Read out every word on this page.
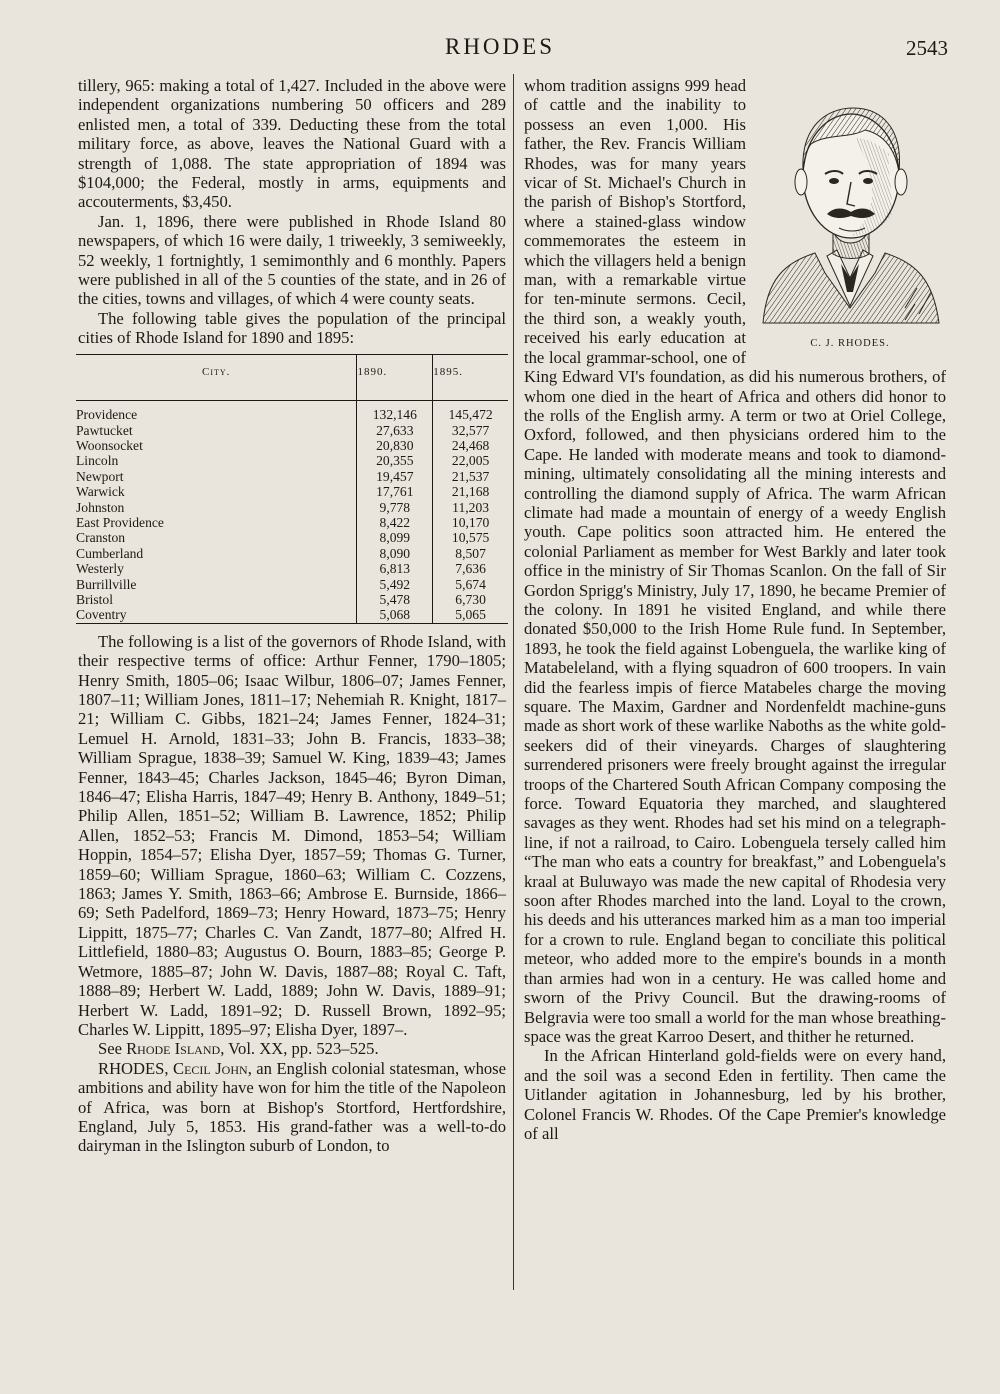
RHODES	2543

tillery, 965: making a total of 1,427. Included in the above were independent organizations numbering 50 officers and 289 enlisted men, a total of 339. Deducting these from the total military force, as above, leaves the National Guard with a strength of 1,088. The state appropriation of 1894 was $104,000; the Federal, mostly in arms, equipments and accouterments, $3,450.

Jan. 1, 1896, there were published in Rhode Island 80 newspapers, of which 16 were daily, 1 triweekly, 3 semiweekly, 52 weekly, 1 fortnightly, 1 semimonthly and 6 monthly. Papers were published in all of the 5 counties of the state, and in 26 of the cities, towns and villages, of which 4 were county seats.

The following table gives the population of the principal cities of Rhode Island for 1890 and 1895:

City.	1890.	1895.
Providence	132,146	145,472
Pawtucket	27,633	32,577
Woonsocket	20,830	24,468
Lincoln	20,355	22,005
Newport	19,457	21,537
Warwick	17,761	21,168
Johnston	9,778	11,203
East Providence	8,422	10,170
Cranston	8,099	10,575
Cumberland	8,090	8,507
Westerly	6,813	7,636
Burrillville	5,492	5,674
Bristol	5,478	6,730
Coventry	5,068	5,065

The following is a list of the governors of Rhode Island, with their respective terms of office: Arthur Fenner, 1790–1805; Henry Smith, 1805–06; Isaac Wilbur, 1806–07; James Fenner, 1807–11; William Jones, 1811–17; Nehemiah R. Knight, 1817–21; William C. Gibbs, 1821–24; James Fenner, 1824–31; Lemuel H. Arnold, 1831–33; John B. Francis, 1833–38; William Sprague, 1838–39; Samuel W. King, 1839–43; James Fenner, 1843–45; Charles Jackson, 1845–46; Byron Diman, 1846–47; Elisha Harris, 1847–49; Henry B. Anthony, 1849–51; Philip Allen, 1851–52; William B. Lawrence, 1852; Philip Allen, 1852–53; Francis M. Dimond, 1853–54; William Hoppin, 1854–57; Elisha Dyer, 1857–59; Thomas G. Turner, 1859–60; William Sprague, 1860–63; William C. Cozzens, 1863; James Y. Smith, 1863–66; Ambrose E. Burnside, 1866–69; Seth Padelford, 1869–73; Henry Howard, 1873–75; Henry Lippitt, 1875–77; Charles C. Van Zandt, 1877–80; Alfred H. Littlefield, 1880–83; Augustus O. Bourn, 1883–85; George P. Wetmore, 1885–87; John W. Davis, 1887–88; Royal C. Taft, 1888–89; Herbert W. Ladd, 1889; John W. Davis, 1889–91; Herbert W. Ladd, 1891–92; D. Russell Brown, 1892–95; Charles W. Lippitt, 1895–97; Elisha Dyer, 1897–.

See Rhode Island, Vol. XX, pp. 523–525.

RHODES, Cecil John, an English colonial statesman, whose ambitions and ability have won for him the title of the Napoleon of Africa, was born at Bishop's Stortford, Hertfordshire, England, July 5, 1853. His grand-father was a well-to-do dairyman in the Islington suburb of London, to

C. J. RHODES.

whom tradition assigns 999 head of cattle and the inability to possess an even 1,000. His father, the Rev. Francis William Rhodes, was for many years vicar of St. Michael's Church in the parish of Bishop's Stortford, where a stained-glass window commemorates the esteem in which the villagers held a benign man, with a remarkable virtue for ten-minute sermons. Cecil, the third son, a weakly youth, received his early education at the local grammar-school, one of King Edward VI's foundation, as did his numerous brothers, of whom one died in the heart of Africa and others did honor to the rolls of the English army. A term or two at Oriel College, Oxford, followed, and then physicians ordered him to the Cape. He landed with moderate means and took to diamond-mining, ultimately consolidating all the mining interests and controlling the diamond supply of Africa. The warm African climate had made a mountain of energy of a weedy English youth. Cape politics soon attracted him. He entered the colonial Parliament as member for West Barkly and later took office in the ministry of Sir Thomas Scanlon. On the fall of Sir Gordon Sprigg's Ministry, July 17, 1890, he became Premier of the colony. In 1891 he visited England, and while there donated $50,000 to the Irish Home Rule fund. In September, 1893, he took the field against Lobenguela, the warlike king of Matabeleland, with a flying squadron of 600 troopers. In vain did the fearless impis of fierce Matabeles charge the moving square. The Maxim, Gardner and Nordenfeldt machine-guns made as short work of these warlike Naboths as the white gold-seekers did of their vineyards. Charges of slaughtering surrendered prisoners were freely brought against the irregular troops of the Chartered South African Company composing the force. Toward Equatoria they marched, and slaughtered savages as they went. Rhodes had set his mind on a telegraph-line, if not a railroad, to Cairo. Lobenguela tersely called him “The man who eats a country for breakfast,” and Lobenguela's kraal at Buluwayo was made the new capital of Rhodesia very soon after Rhodes marched into the land. Loyal to the crown, his deeds and his utterances marked him as a man too imperial for a crown to rule. England began to conciliate this political meteor, who added more to the empire's bounds in a month than armies had won in a century. He was called home and sworn of the Privy Council. But the drawing-rooms of Belgravia were too small a world for the man whose breathing-space was the great Karroo Desert, and thither he returned.

In the African Hinterland gold-fields were on every hand, and the soil was a second Eden in fertility. Then came the Uitlander agitation in Johannesburg, led by his brother, Colonel Francis W. Rhodes. Of the Cape Premier's knowledge of all
